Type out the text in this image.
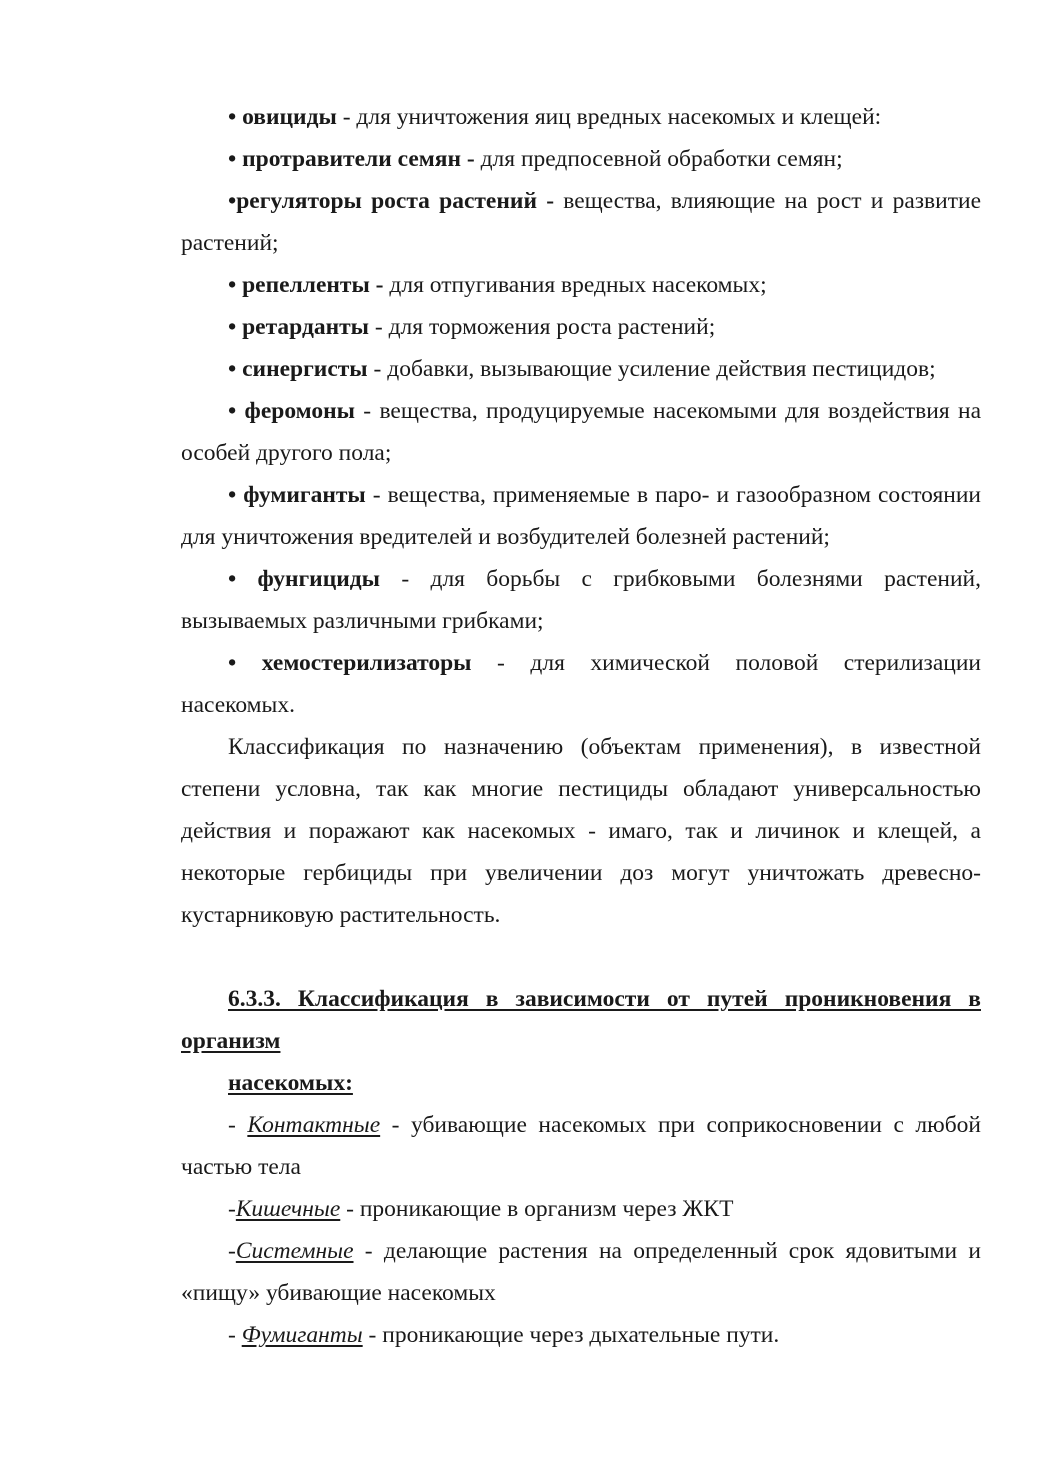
• овициды - для уничтожения яиц вредных насекомых и клещей:

• протравители семян - для предпосевной обработки семян;

•регуляторы роста растений - вещества, влияющие на рост и развитие растений;

• репелленты - для отпугивания вредных насекомых;

• ретарданты - для торможения роста растений;

• синергисты - добавки, вызывающие усиление действия пестицидов;

• феромоны - вещества, продуцируемые насекомыми для воздействия на особей другого пола;

• фумиганты - вещества, применяемые в паро- и газообразном состоянии для уничтожения вредителей и возбудителей болезней растений;

• фунгициды - для борьбы с грибковыми болезнями растений, вызываемых различными грибками;

• хемостерилизаторы - для химической половой стерилизации насекомых.

Классификация по назначению (объектам применения), в известной степени условна, так как многие пестициды обладают универсальностью действия и поражают как насекомых - имаго, так и личинок и клещей, а некоторые гербициды при увеличении доз могут уничтожать древесно-кустарниковую растительность.

6.3.3. Классификация в зависимости от путей проникновения в организм

насекомых:

- Контактные - убивающие насекомых при соприкосновении с любой частью тела

-Кишечные - проникающие в организм через ЖКТ

-Системные - делающие растения на определенный срок ядовитыми и «пищу» убивающие насекомых

- Фумиганты - проникающие через дыхательные пути.
